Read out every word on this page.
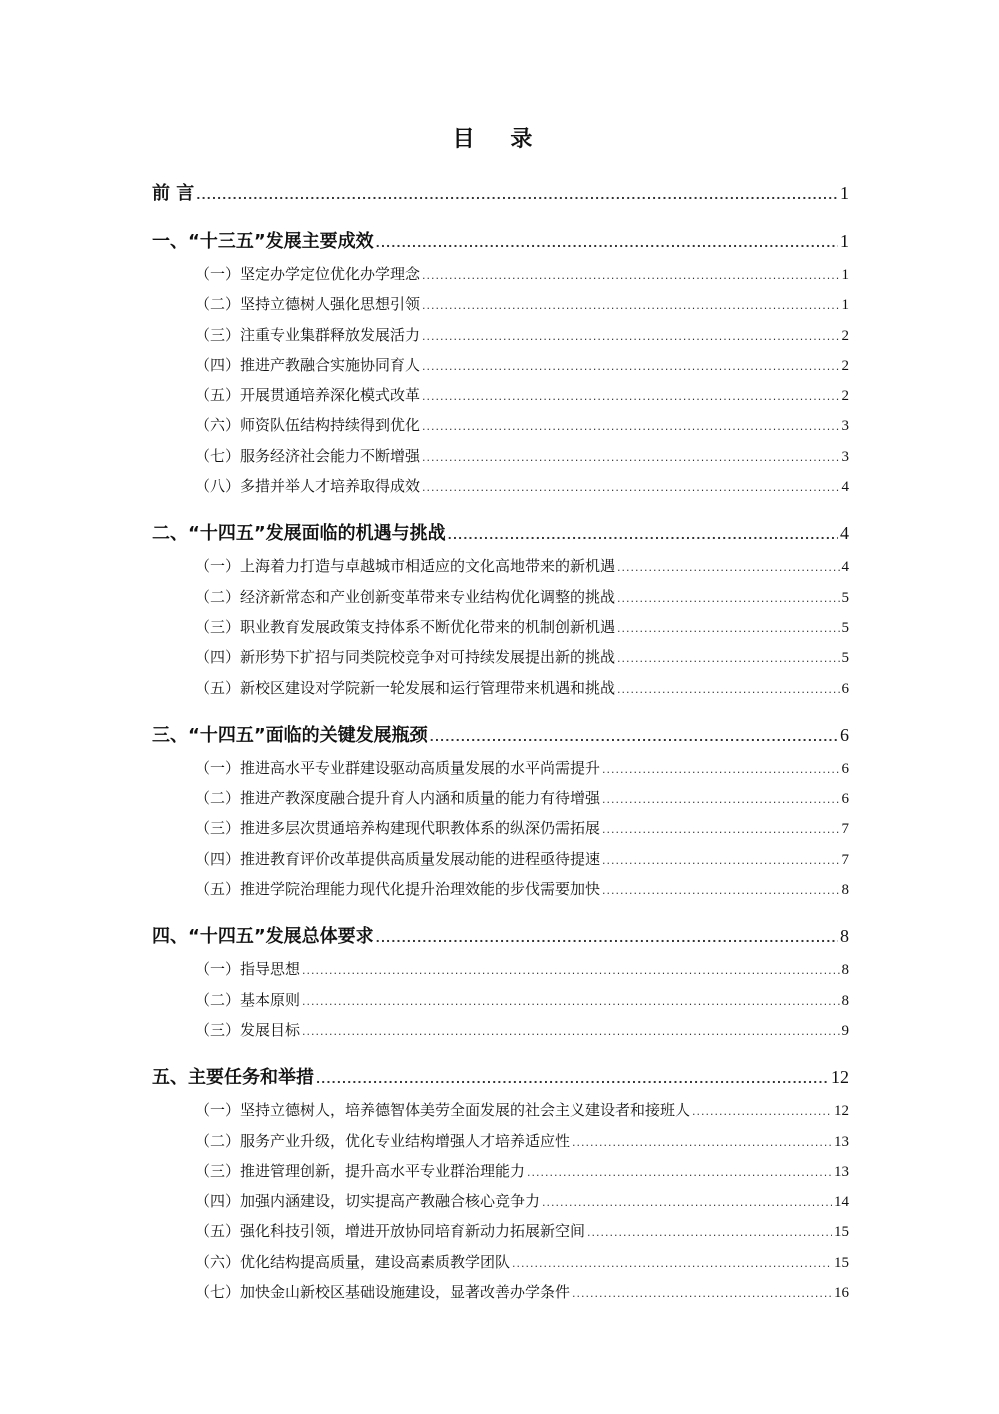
目 录
前 言 .....	1
一、“十三五”发展主要成效 .....	1
（一）坚定办学定位优化办学理念 .....	1
（二）坚持立德树人强化思想引领 .....	1
（三）注重专业集群释放发展活力 .....	2
（四）推进产教融合实施协同育人 .....	2
（五）开展贯通培养深化模式改革 .....	2
（六）师资队伍结构持续得到优化 .....	3
（七）服务经济社会能力不断增强 .....	3
（八）多措并举人才培养取得成效 .....	4
二、“十四五”发展面临的机遇与挑战 .....	4
（一）上海着力打造与卓越城市相适应的文化高地带来的新机遇 .....	4
（二）经济新常态和产业创新变革带来专业结构优化调整的挑战 .....	5
（三）职业教育发展政策支持体系不断优化带来的机制创新机遇 .....	5
（四）新形势下扩招与同类院校竞争对可持续发展提出新的挑战 .....	5
（五）新校区建设对学院新一轮发展和运行管理带来机遇和挑战 .....	6
三、“十四五”面临的关键发展瓶颈 .....	6
（一）推进高水平专业群建设驱动高质量发展的水平尚需提升 .....	6
（二）推进产教深度融合提升育人内涵和质量的能力有待增强 .....	6
（三）推进多层次贯通培养构建现代职教体系的纵深仍需拓展 .....	7
（四）推进教育评价改革提供高质量发展动能的进程亟待提速 .....	7
（五）推进学院治理能力现代化提升治理效能的步伐需要加快 .....	8
四、“十四五”发展总体要求 .....	8
（一）指导思想 .....	8
（二）基本原则 .....	8
（三）发展目标 .....	9
五、主要任务和举措 .....	12
（一）坚持立德树人，培养德智体美劳全面发展的社会主义建设者和接班人 .....	12
（二）服务产业升级，优化专业结构增强人才培养适应性 .....	13
（三）推进管理创新，提升高水平专业群治理能力 .....	13
（四）加强内涵建设，切实提高产教融合核心竞争力 .....	14
（五）强化科技引领，增进开放协同培育新动力拓展新空间 .....	15
（六）优化结构提高质量，建设高素质教学团队 .....	15
（七）加快金山新校区基础设施建设，显著改善办学条件 .....	16
